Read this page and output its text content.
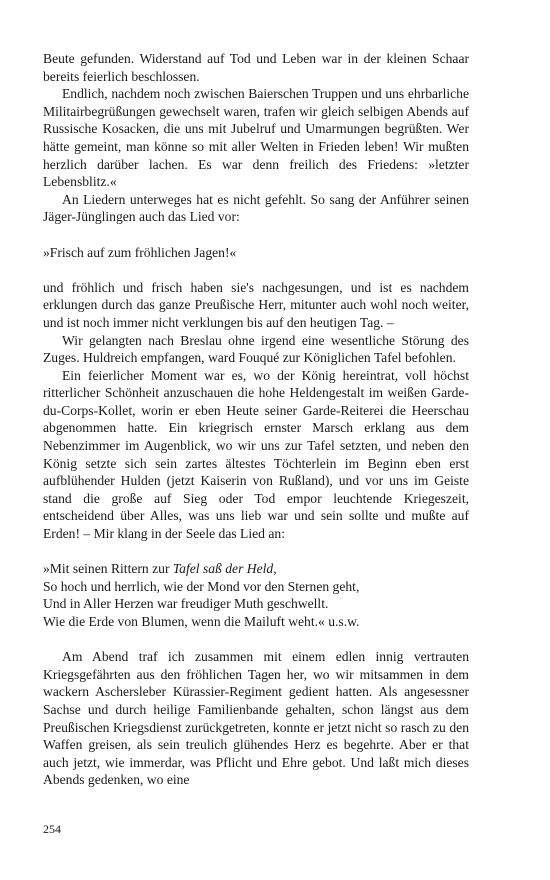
Beute gefunden. Widerstand auf Tod und Leben war in der kleinen Schaar bereits feierlich beschlossen.

Endlich, nachdem noch zwischen Baierschen Truppen und uns ehrbarliche Militairbegrüßungen gewechselt waren, trafen wir gleich selbigen Abends auf Russische Kosacken, die uns mit Jubelruf und Umarmungen begrüßten. Wer hätte gemeint, man könne so mit aller Welten in Frieden leben! Wir mußten herzlich darüber lachen. Es war denn freilich des Friedens: »letzter Lebensblitz.«

An Liedern unterweges hat es nicht gefehlt. So sang der Anführer seinen Jäger-Jünglingen auch das Lied vor:

»Frisch auf zum fröhlichen Jagen!«

und fröhlich und frisch haben sie's nachgesungen, und ist es nachdem erklungen durch das ganze Preußische Herr, mitunter auch wohl noch weiter, und ist noch immer nicht verklungen bis auf den heutigen Tag. –

Wir gelangten nach Breslau ohne irgend eine wesentliche Störung des Zuges. Huldreich empfangen, ward Fouqué zur Königlichen Tafel befohlen.

Ein feierlicher Moment war es, wo der König hereintrat, voll höchst ritterlicher Schönheit anzuschauen die hohe Heldengestalt im weißen Garde-du-Corps-Kollet, worin er eben Heute seiner Garde-Reiterei die Heerschau abgenommen hatte. Ein kriegrisch ernster Marsch erklang aus dem Nebenzimmer im Augenblick, wo wir uns zur Tafel setzten, und neben den König setzte sich sein zartes ältestes Töchterlein im Beginn eben erst aufblühender Hulden (jetzt Kaiserin von Rußland), und vor uns im Geiste stand die große auf Sieg oder Tod empor leuchtende Kriegeszeit, entscheidend über Alles, was uns lieb war und sein sollte und mußte auf Erden! – Mir klang in der Seele das Lied an:

»Mit seinen Rittern zur Tafel saß der Held,
So hoch und herrlich, wie der Mond vor den Sternen geht,
Und in Aller Herzen war freudiger Muth geschwellt.
Wie die Erde von Blumen, wenn die Mailuft weht.« u.s.w.

Am Abend traf ich zusammen mit einem edlen innig vertrauten Kriegsgefährten aus den fröhlichen Tagen her, wo wir mitsammen in dem wackern Aschersleber Kürassier-Regiment gedient hatten. Als angesessner Sachse und durch heilige Familienbande gehalten, schon längst aus dem Preußischen Kriegsdienst zurückgetreten, konnte er jetzt nicht so rasch zu den Waffen greisen, als sein treulich glühendes Herz es begehrte. Aber er that auch jetzt, wie immerdar, was Pflicht und Ehre gebot. Und laßt mich dieses Abends gedenken, wo eine

254
